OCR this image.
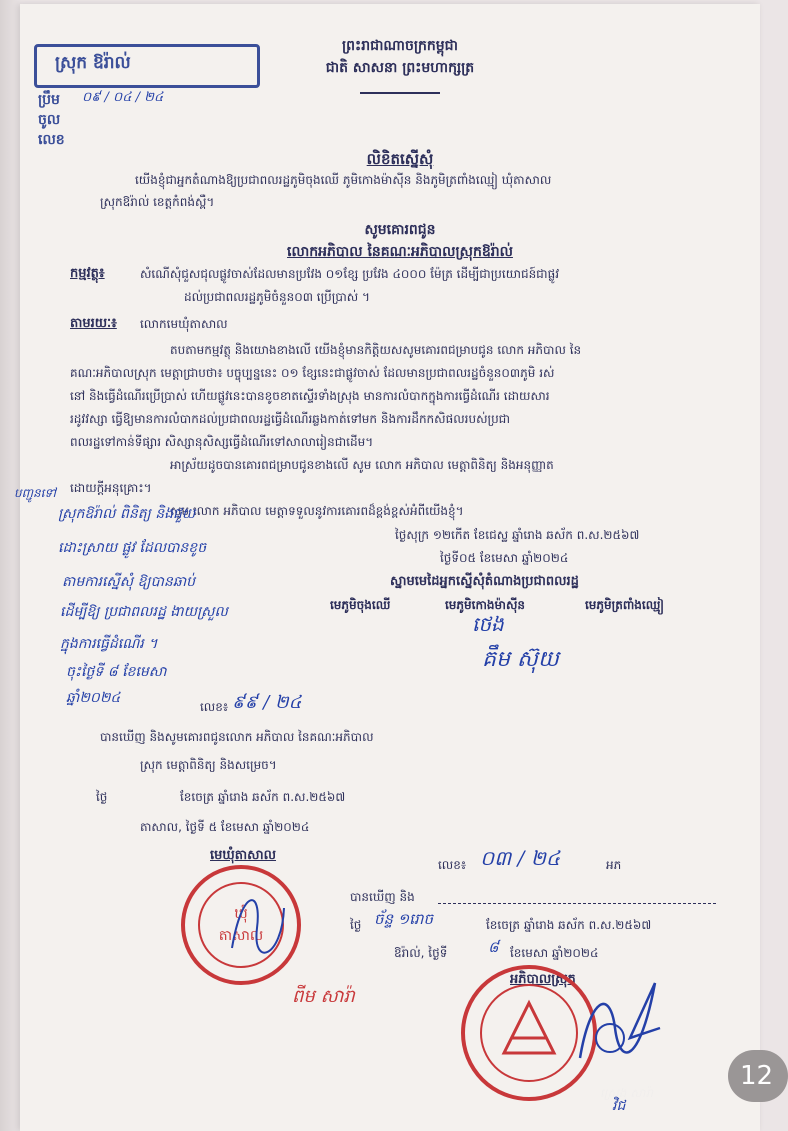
ព្រះរាជាណាចក្រកម្ពុជា
ជាតិ សាសនា ព្រះមហាក្សត្រ
ស្រុក ឱរ៉ាល់
ប្រឹម
ចូល
លេខ
០៩ / ០៤ / ២៤
លិខិតស្នើសុំ
យើងខ្ញុំជាអ្នកតំណាងឱ្យប្រជាពលរដ្ឋភូមិចុងឈើ ភូមិកោងម៉ាស៊ីន និងភូមិត្រពាំងឈ្មៀ ឃុំតាសាល
ស្រុកឱរ៉ាល់ ខេត្តកំពង់ស្ពឺ។
សូមគោរពជូន
លោកអភិបាល នៃគណៈអភិបាលស្រុកឱរ៉ាល់
កម្មវត្ថុ៖	សំណើសុំជួសជុលផ្លូវចាស់ដែលមានប្រវែង ០១ខ្សែ ប្រវែង ៤០០០ ម៉ែត្រ ដើម្បីជាប្រយោជន៍ជាផ្លូវ
ដល់ប្រជាពលរដ្ឋភូមិចំនួន០៣ ប្រើប្រាស់ ។
តាមរយៈ៖ លោកមេឃុំតាសាល
តបតាមកម្មវត្ថុ និងយោងខាងលើ យើងខ្ញុំមានកិត្តិយសសូមគោរពជម្រាបជូន លោក អភិបាល នៃ
គណៈអភិបាលស្រុក មេត្តាជ្រាបថា៖ បច្ចុប្បន្ននេះ ០១ ខ្សែនេះជាផ្លូវចាស់ ដែលមានប្រជាពលរដ្ឋចំនួន០៣ភូមិ រស់
នៅ និងធ្វើដំណើរប្រើប្រាស់ ហើយផ្លូវនេះបានខូចខាតស្ទើរទាំងស្រុង មានការលំបាកក្នុងការធ្វើដំណើរ ដោយសារ
រដូវវស្សា ធ្វើឱ្យមានការលំបាកដល់ប្រជាពលរដ្ឋធ្វើដំណើរឆ្លងកាត់ទៅមក និងការដឹកកសិផលរបស់ប្រជា
ពលរដ្ឋទៅកាន់ទីផ្សារ សិស្សានុសិស្សធ្វើដំណើរទៅសាលារៀនជាដើម។
អាស្រ័យដូចបានគោរពជម្រាបជូនខាងលើ សូម លោក អភិបាល មេត្តាពិនិត្យ និងអនុញ្ញាត
ដោយក្ដីអនុគ្រោះ។
សូម លោក អភិបាល មេត្តាទទួលនូវការគោរពដ៏ខ្ពង់ខ្ពស់អំពីយើងខ្ញុំ។
ថ្ងៃសុក្រ ១២កើត ខែជេស្ឋ ឆ្នាំរោង ឆស័ក ព.ស.២៥៦៧
ថ្ងៃទី០៥ ខែមេសា ឆ្នាំ២០២៤
ស្នាមមេដៃអ្នកស្នើសុំតំណាងប្រជាពលរដ្ឋ
មេភូមិចុងឈើ	មេភូមិកោងម៉ាស៊ីន	មេភូមិត្រពាំងឈ្មៀ
ថេង
គឹម ស៊ុយ
បញ្ជូនទៅ
ស្រុកឱរ៉ាល់ ពិនិត្យ និងជួយ
ដោះស្រាយ ផ្លូវ ដែលបានខូច
តាមការស្នើសុំ ឱ្យបានឆាប់
ដើម្បីឱ្យ ប្រជាពលរដ្ឋ ងាយស្រួល
ក្នុងការធ្វើដំណើរ ។
ចុះថ្ងៃទី ៨ ខែមេសា
ឆ្នាំ២០២៤
លេខ៖ ៩៩ / ២៤
បានឃើញ និងសូមគោរពជូនលោក អភិបាល នៃគណៈអភិបាល
ស្រុក មេត្តាពិនិត្យ និងសម្រេច។
ថ្ងៃ	ខែចេត្រ ឆ្នាំរោង ឆស័ក ព.ស.២៥៦៧
តាសាល, ថ្ងៃទី ៥ ខែមេសា ឆ្នាំ២០២៤
មេឃុំតាសាល
ឃុំ
តាសាល
ពីម សារ៉ា
លេខ៖ ០៣ / ២៤	អភ
បានឃើញ និង
ថ្ងៃ ច័ន្ទ ១រោច	ខែចេត្រ ឆ្នាំរោង ឆស័ក ព.ស.២៥៦៧
ឱរ៉ាល់, ថ្ងៃទី	៨ ខែមេសា ឆ្នាំ២០២៤
អភិបាលស្រុក
វិជ
12
